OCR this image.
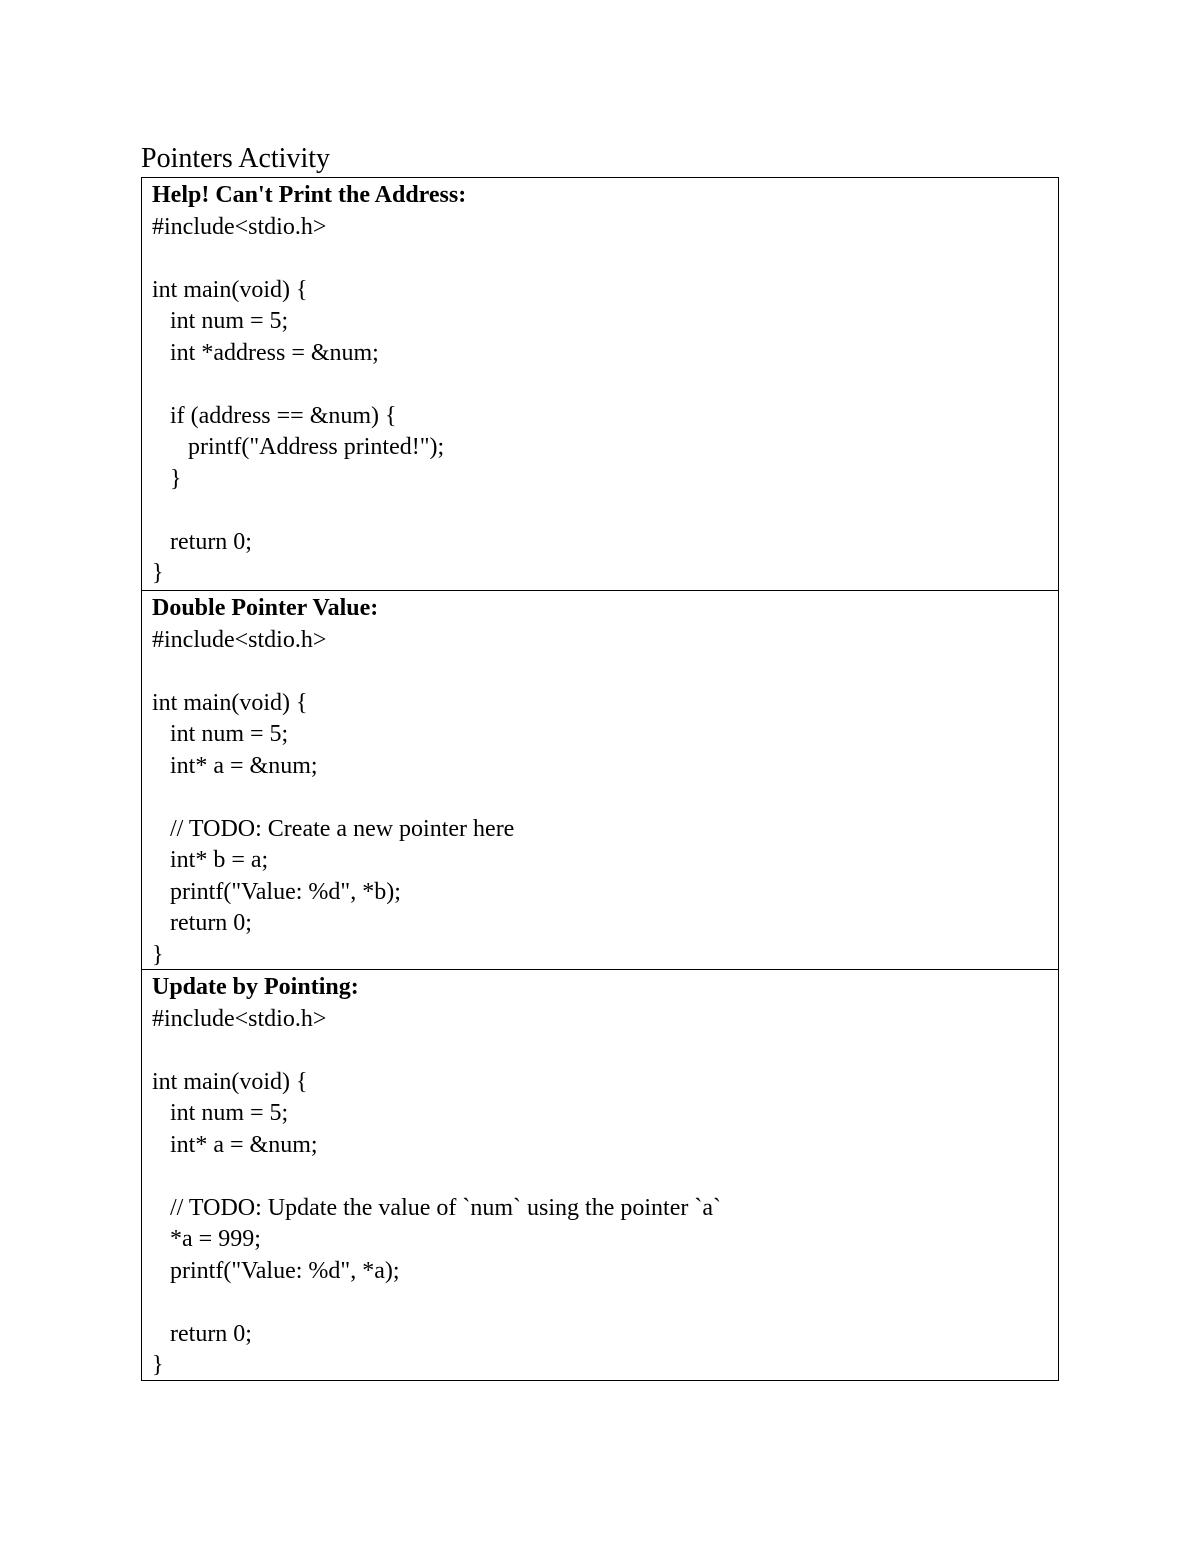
Pointers Activity
Help! Can't Print the Address:
#include<stdio.h>
int main(void) {
int num = 5;
int *address = &num;
if (address == &num) {
printf("Address printed!");
}
return 0;
}
Double Pointer Value:
#include<stdio.h>
int main(void) {
int num = 5;
int* a = &num;
// TODO: Create a new pointer here
int* b = a;
printf("Value: %d", *b);
return 0;
}
Update by Pointing:
#include<stdio.h>
int main(void) {
int num = 5;
int* a = &num;
// TODO: Update the value of `num` using the pointer `a`
*a = 999;
printf("Value: %d", *a);
return 0;
}
